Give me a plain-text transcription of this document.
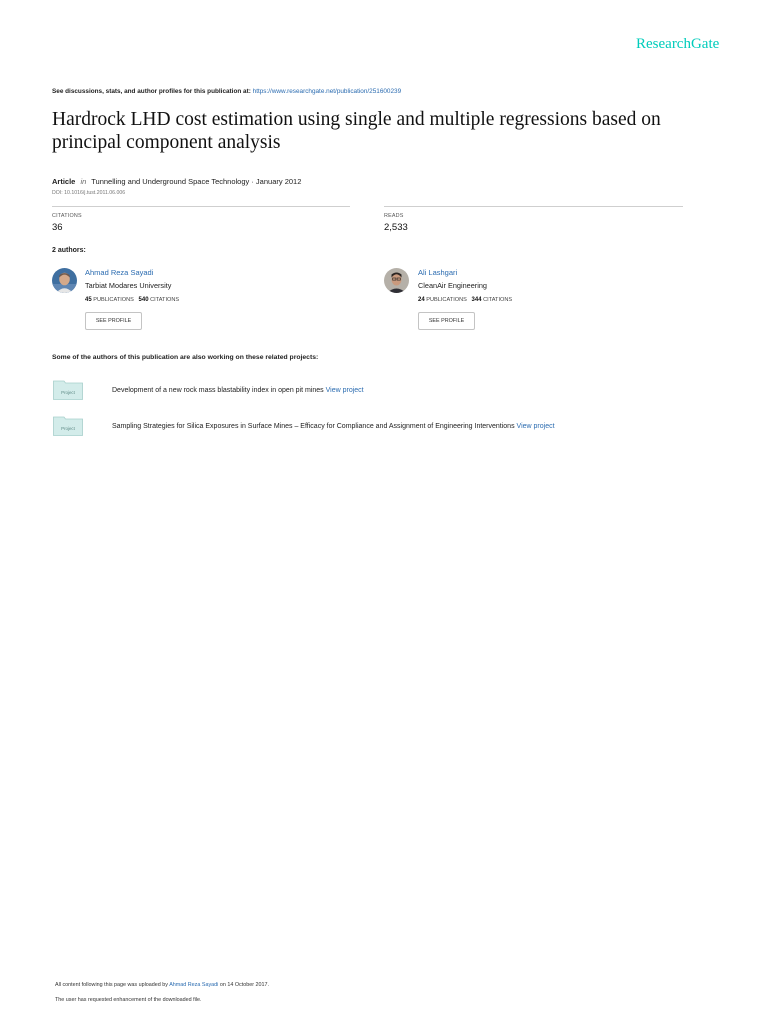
ResearchGate
See discussions, stats, and author profiles for this publication at: https://www.researchgate.net/publication/251600239
Hardrock LHD cost estimation using single and multiple regressions based on principal component analysis
Article in Tunnelling and Underground Space Technology · January 2012
DOI: 10.1016/j.tust.2011.06.006
CITATIONS
36
READS
2,533
2 authors:
Ahmad Reza Sayadi
Tarbiat Modares University
45 PUBLICATIONS 540 CITATIONS
SEE PROFILE
Ali Lashgari
CleanAir Engineering
24 PUBLICATIONS 344 CITATIONS
SEE PROFILE
Some of the authors of this publication are also working on these related projects:
Project	Development of a new rock mass blastability index in open pit mines View project
Project	Sampling Strategies for Silica Exposures in Surface Mines – Efficacy for Compliance and Assignment of Engineering Interventions View project
All content following this page was uploaded by Ahmad Reza Sayadi on 14 October 2017.
The user has requested enhancement of the downloaded file.
